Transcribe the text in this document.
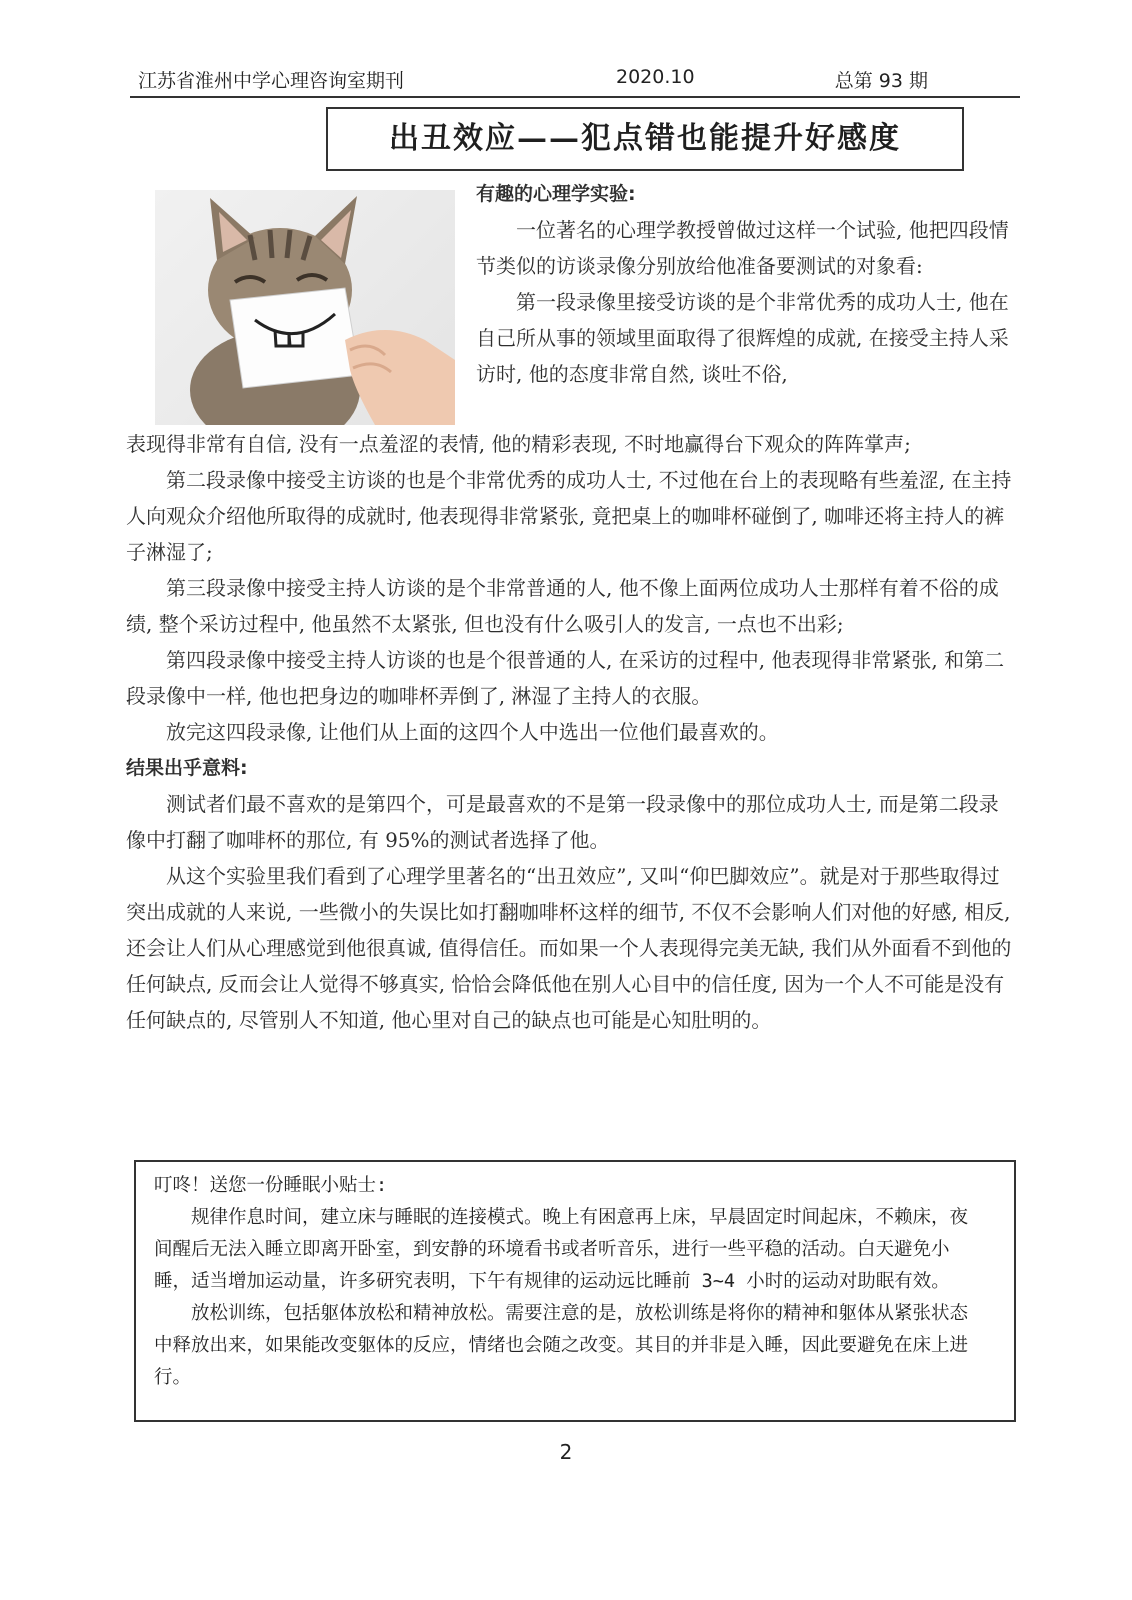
江苏省淮州中学心理咨询室期刊	2020.10	总第 93 期
出丑效应——犯点错也能提升好感度

有趣的心理学实验:

一位著名的心理学教授曾做过这样一个试验, 他把四段情节类似的访谈录像分别放给他准备要测试的对象看:

第一段录像里接受访谈的是个非常优秀的成功人士, 他在自己所从事的领域里面取得了很辉煌的成就, 在接受主持人采访时, 他的态度非常自然, 谈吐不俗,

表现得非常有自信, 没有一点羞涩的表情, 他的精彩表现, 不时地赢得台下观众的阵阵掌声;

第二段录像中接受主访谈的也是个非常优秀的成功人士, 不过他在台上的表现略有些羞涩, 在主持人向观众介绍他所取得的成就时, 他表现得非常紧张, 竟把桌上的咖啡杯碰倒了, 咖啡还将主持人的裤子淋湿了;

第三段录像中接受主持人访谈的是个非常普通的人, 他不像上面两位成功人士那样有着不俗的成绩, 整个采访过程中, 他虽然不太紧张, 但也没有什么吸引人的发言, 一点也不出彩;

第四段录像中接受主持人访谈的也是个很普通的人, 在采访的过程中, 他表现得非常紧张, 和第二段录像中一样, 他也把身边的咖啡杯弄倒了, 淋湿了主持人的衣服。

放完这四段录像, 让他们从上面的这四个人中选出一位他们最喜欢的。

结果出乎意料:

测试者们最不喜欢的是第四个，可是最喜欢的不是第一段录像中的那位成功人士, 而是第二段录像中打翻了咖啡杯的那位, 有 95%的测试者选择了他。

从这个实验里我们看到了心理学里著名的“出丑效应”, 又叫“仰巴脚效应”。就是对于那些取得过突出成就的人来说, 一些微小的失误比如打翻咖啡杯这样的细节, 不仅不会影响人们对他的好感, 相反, 还会让人们从心理感觉到他很真诚, 值得信任。而如果一个人表现得完美无缺, 我们从外面看不到他的任何缺点, 反而会让人觉得不够真实, 恰恰会降低他在别人心目中的信任度, 因为一个人不可能是没有任何缺点的, 尽管别人不知道, 他心里对自己的缺点也可能是心知肚明的。

叮咚！送您一份睡眠小贴士:

规律作息时间，建立床与睡眠的连接模式。晚上有困意再上床，早晨固定时间起床，不赖床，夜间醒后无法入睡立即离开卧室，到安静的环境看书或者听音乐，进行一些平稳的活动。白天避免小睡，适当增加运动量，许多研究表明，下午有规律的运动远比睡前 3~4 小时的运动对助眠有效。

放松训练，包括躯体放松和精神放松。需要注意的是，放松训练是将你的精神和躯体从紧张状态中释放出来，如果能改变躯体的反应，情绪也会随之改变。其目的并非是入睡，因此要避免在床上进行。

2
